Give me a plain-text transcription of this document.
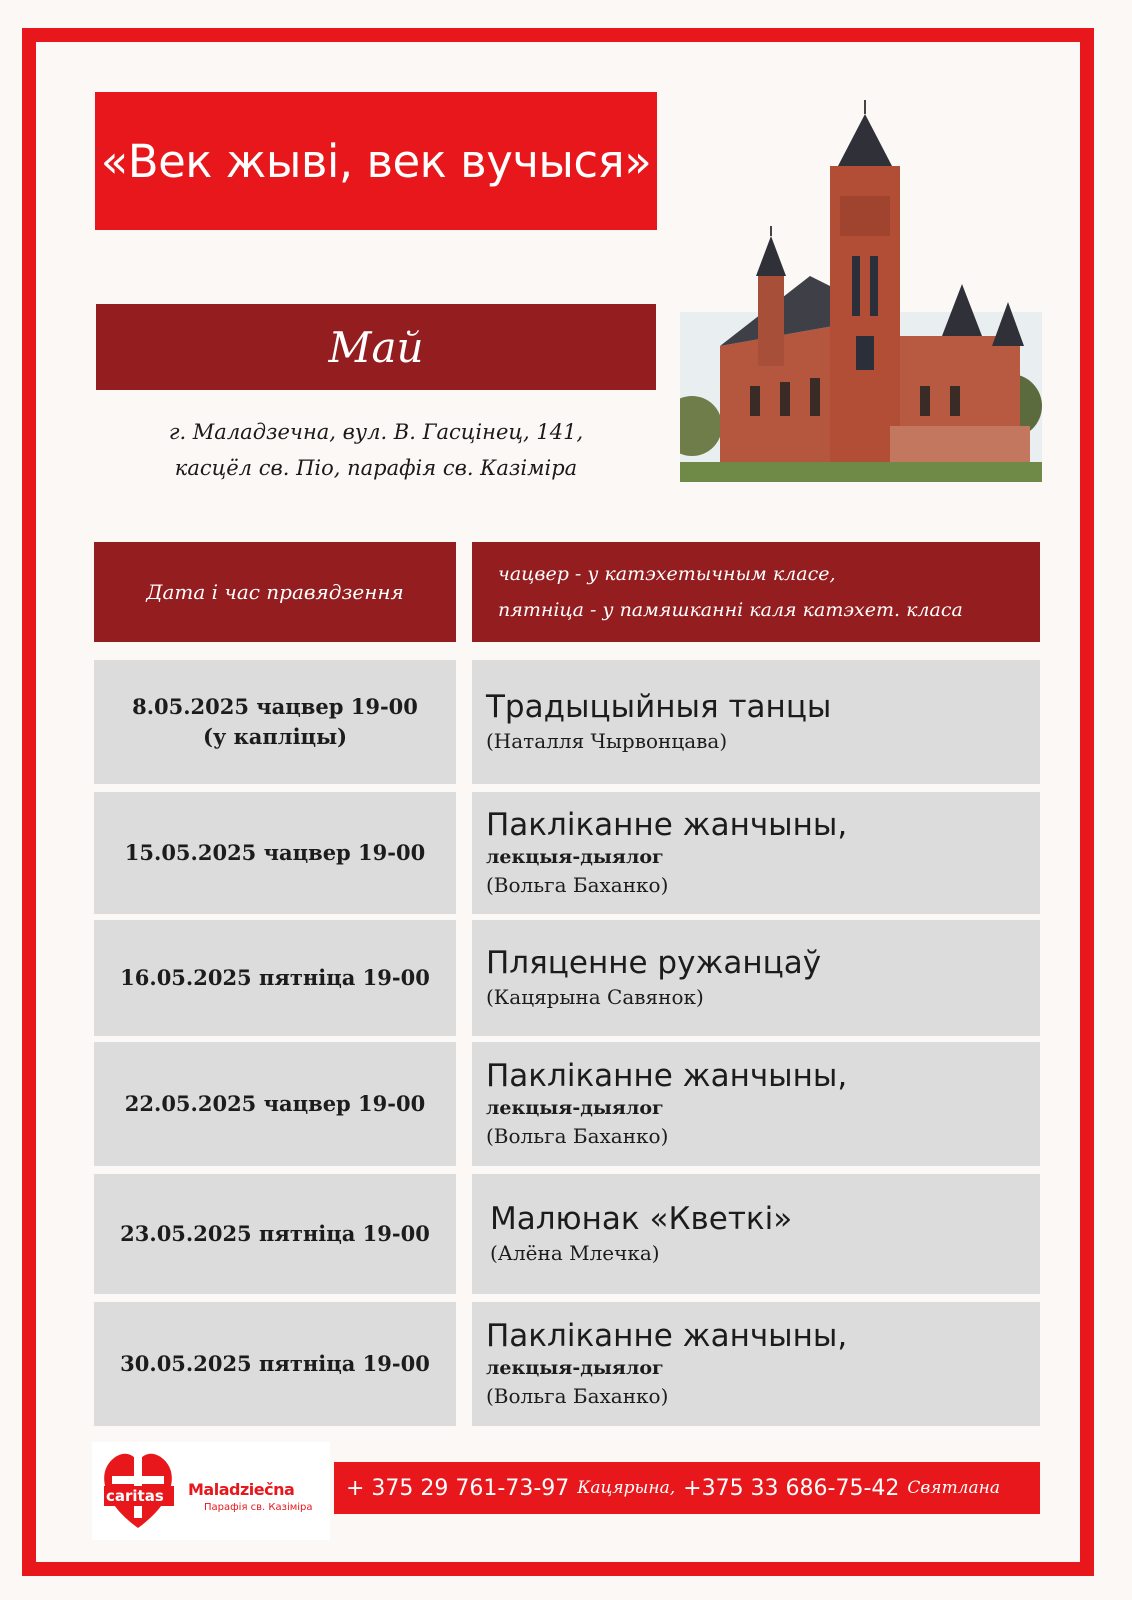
«Век жыві, век вучыся»
Май
г. Маладзечна, вул. В. Гасцінец, 141,
касцёл св. Піо, парафія св. Казіміра
Дата і час правядзення
чацвер - у катэхетычным класе,
пятніца - у памяшканні каля катэхет. класа
8.05.2025 чацвер 19-00
(у капліцы)
Традыцыйныя танцы
(Наталля Чырвонцава)
15.05.2025 чацвер 19-00
Пакліканне жанчыны,
лекцыя-дыялог
(Вольга Баханко)
16.05.2025 пятніца 19-00	Пляценне ружанцаў
(Кацярына Савянок)
22.05.2025 чацвер 19-00
Пакліканне жанчыны,
лекцыя-дыялог
(Вольга Баханко)
23.05.2025 пятніца 19-00	Малюнак «Кветкі»
(Алёна Млечка)
30.05.2025 пятніца 19-00
Пакліканне жанчыны,
лекцыя-дыялог
(Вольга Баханко)
caritas Maladziečna
Парафія св. Казіміра
+ 375 29 761-73-97 Кацярына, +375 33 686-75-42 Святлана
